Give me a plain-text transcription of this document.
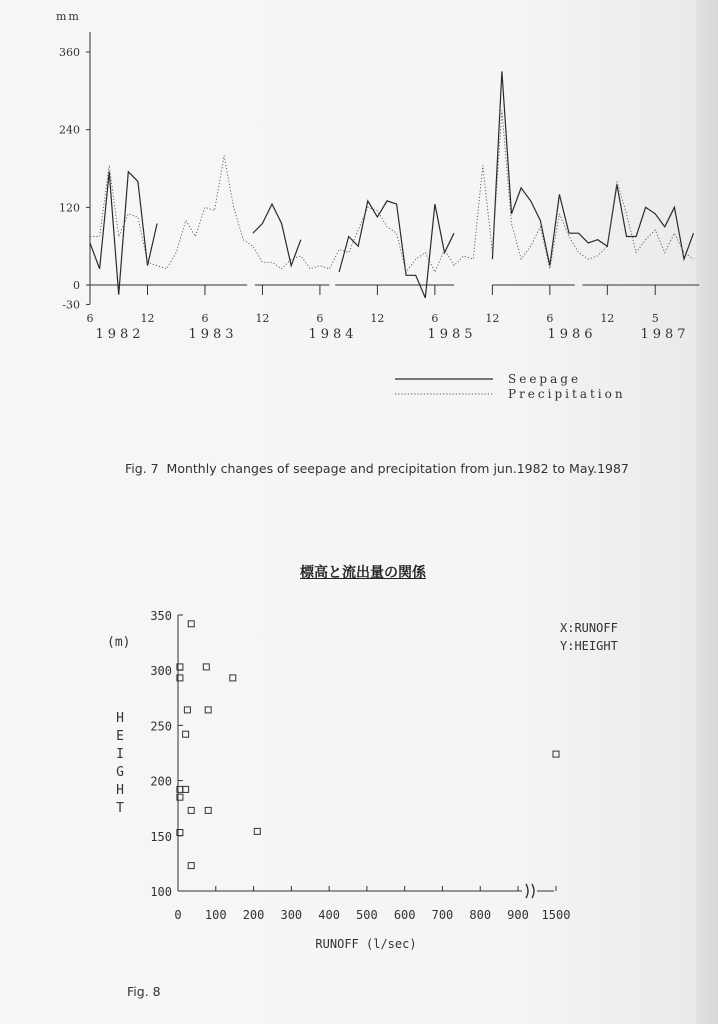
mm
360
240
120
0
-30
6	12	6	12	6	12	6	12	6	12	5
1982	1983	1984	1985	1986	1987
Seepage
Precipitation
Fig. 7 Monthly changes of seepage and precipitation from jun.1982 to May.1987
標高と流出量の関係
350
300
250
200
150
100
0 100 200 300 400 500 600 700 800 900 1500
(m)
H
E
I
G
H
T
RUNOFF (l/sec)
X:RUNOFF
Y:HEIGHT
Fig. 8
